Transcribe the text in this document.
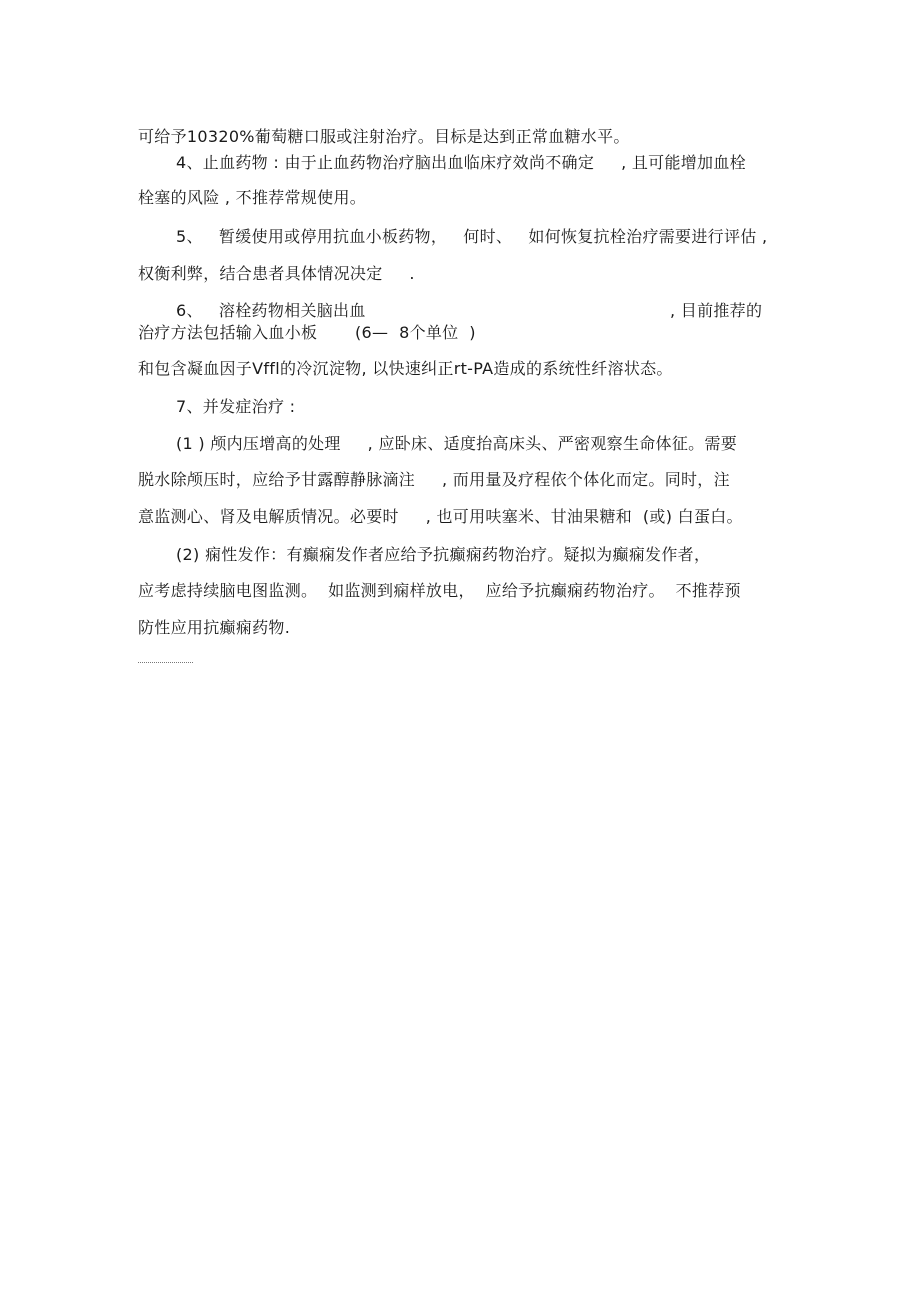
可给予10320%葡萄糖口服或注射治疗。目标是达到正常血糖水平。
4、止血药物 : 由于止血药物治疗脑出血临床疗效尚不确定     , 且可能增加血栓
栓塞的风险 , 不推荐常规使用。
5、   暂缓使用或停用抗血小板药物，   何时、   如何恢复抗栓治疗需要进行评估 ,
权衡利弊，结合患者具体情况决定     .
6、   溶栓药物相关脑出血	, 目前推荐的
治疗方法包括输入血小板       (6—  8个单位  )
和包含凝血因子Vffl的冷沉淀物, 以快速纠正rt-PA造成的系统性纤溶状态。
7、并发症治疗 :
(1 ) 颅内压增高的处理     , 应卧床、适度抬高床头、严密观察生命体征。需要
脱水除颅压时，应给予甘露醇静脉滴注     , 而用量及疗程依个体化而定。同时，注
意监测心、肾及电解质情况。必要时     , 也可用呋塞米、甘油果糖和  (或) 白蛋白。
(2) 痫性发作：有癫痫发作者应给予抗癫痫药物治疗。疑拟为癫痫发作者，
应考虑持续脑电图监测。  如监测到痫样放电，  应给予抗癫痫药物治疗。  不推荐预
防性应用抗癫痫药物.
